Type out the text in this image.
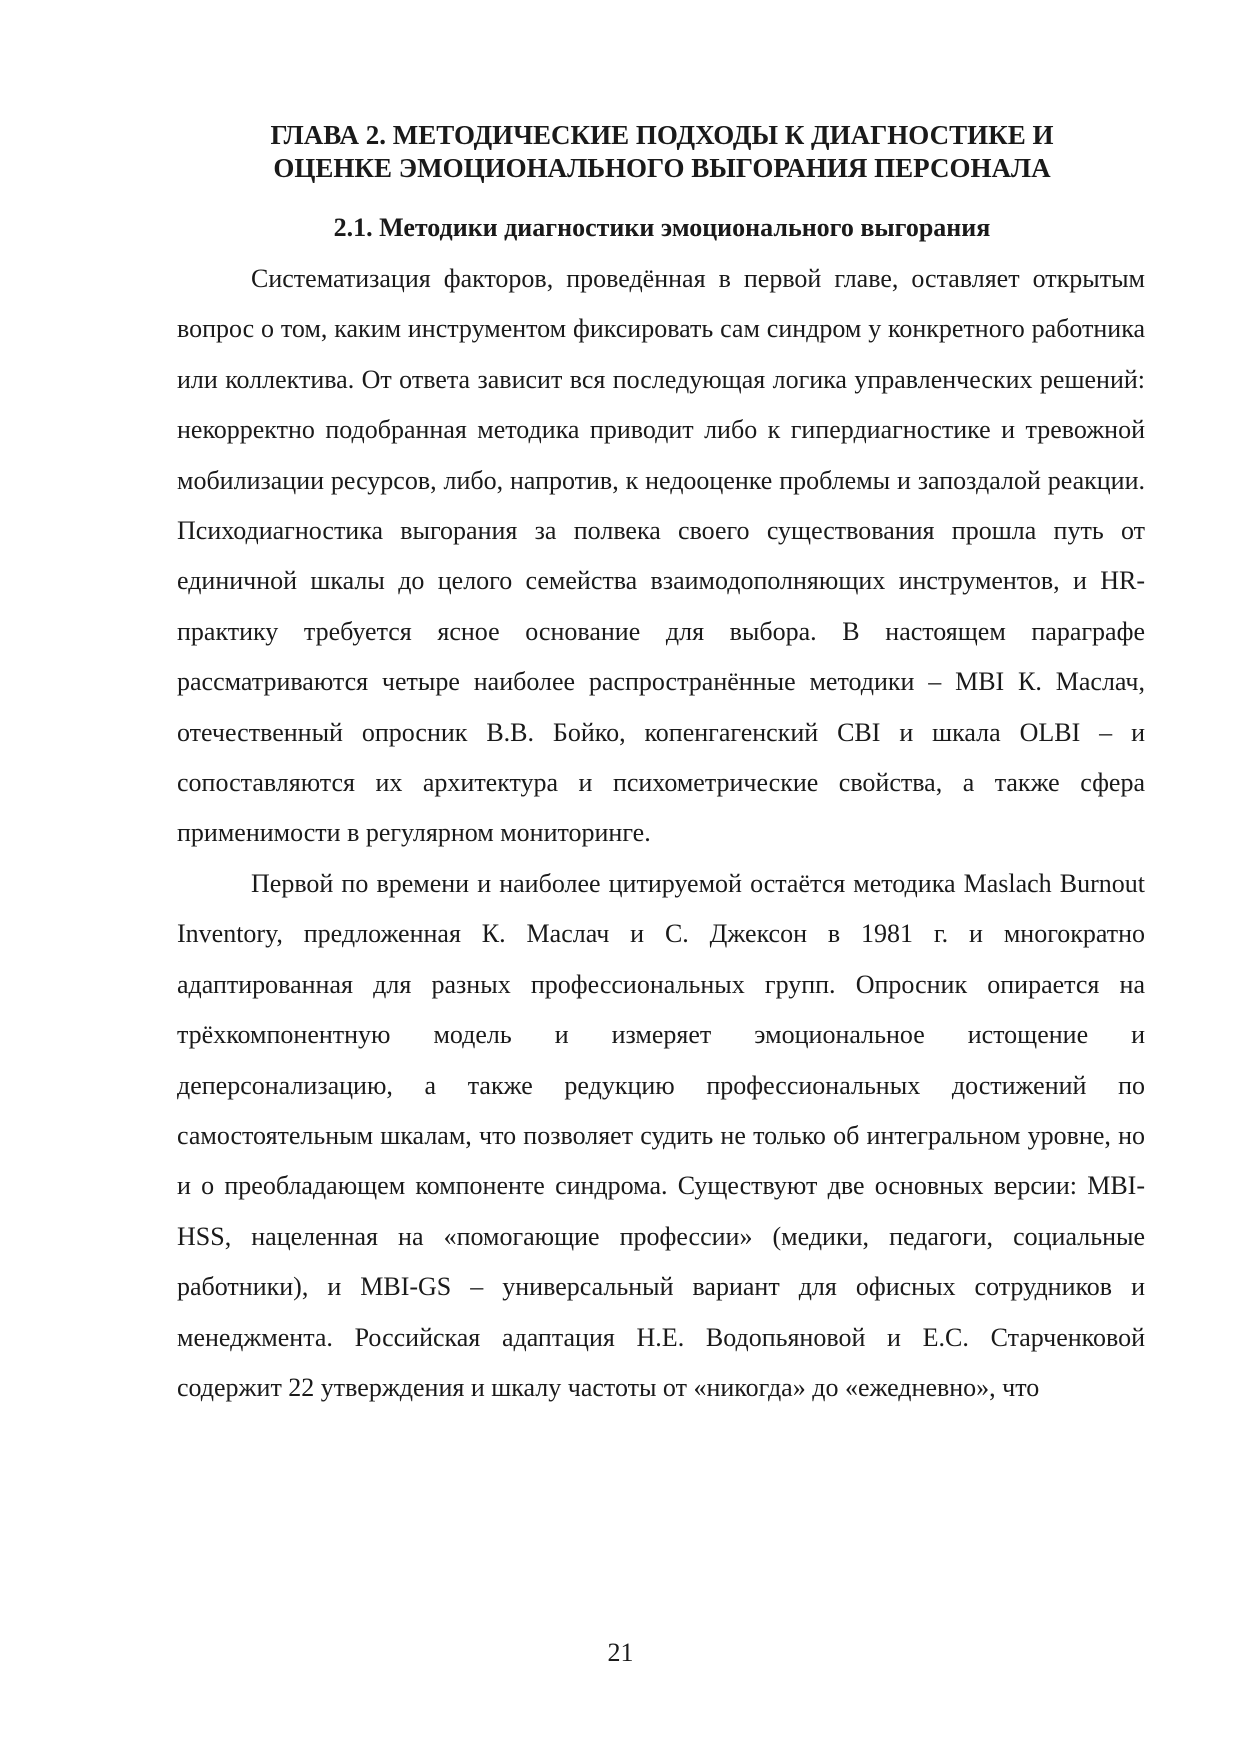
ГЛАВА 2. МЕТОДИЧЕСКИЕ ПОДХОДЫ К ДИАГНОСТИКЕ И
ОЦЕНКЕ ЭМОЦИОНАЛЬНОГО ВЫГОРАНИЯ ПЕРСОНАЛА
2.1. Методики диагностики эмоционального выгорания

Систематизация факторов, проведённая в первой главе, оставляет открытым вопрос о том, каким инструментом фиксировать сам синдром у конкретного работника или коллектива. От ответа зависит вся последующая логика управленческих решений: некорректно подобранная методика приводит либо к гипердиагностике и тревожной мобилизации ресурсов, либо, напротив, к недооценке проблемы и запоздалой реакции. Психодиагностика выгорания за полвека своего существования прошла путь от единичной шкалы до целого семейства взаимодополняющих инструментов, и HR-практику требуется ясное основание для выбора. В настоящем параграфе рассматриваются четыре наиболее распространённые методики – MBI К. Маслач, отечественный опросник В.В. Бойко, копенгагенский CBI и шкала OLBI – и сопоставляются их архитектура и психометрические свойства, а также сфера применимости в регулярном мониторинге.

Первой по времени и наиболее цитируемой остаётся методика Maslach Burnout Inventory, предложенная К. Маслач и С. Джексон в 1981 г. и многократно адаптированная для разных профессиональных групп. Опросник опирается на трёхкомпонентную модель и измеряет эмоциональное истощение и деперсонализацию, а также редукцию профессиональных достижений по самостоятельным шкалам, что позволяет судить не только об интегральном уровне, но и о преобладающем компоненте синдрома. Существуют две основных версии: MBI-HSS, нацеленная на «помогающие профессии» (медики, педагоги, социальные работники), и MBI-GS – универсальный вариант для офисных сотрудников и менеджмента. Российская адаптация Н.Е. Водопьяновой и Е.С. Старченковой содержит 22 утверждения и шкалу частоты от «никогда» до «ежедневно», что

21
